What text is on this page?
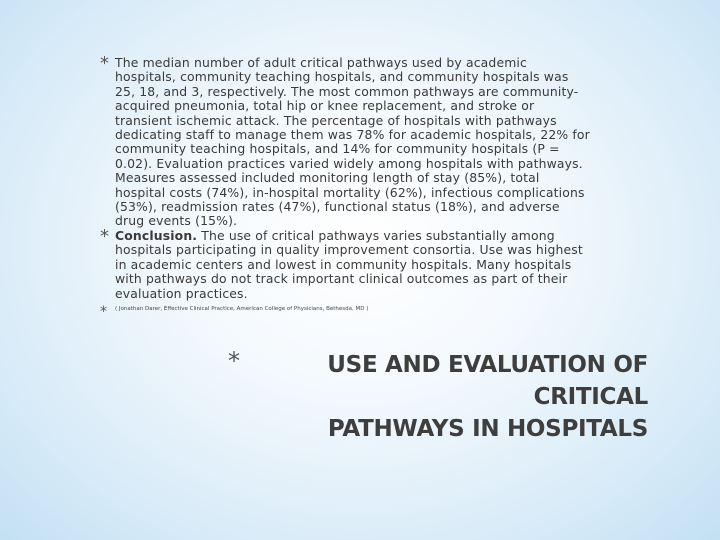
* The median number of adult critical pathways used by academic hospitals, community teaching hospitals, and community hospitals was 25, 18, and 3, respectively. The most common pathways are community-acquired pneumonia, total hip or knee replacement, and stroke or transient ischemic attack. The percentage of hospitals with pathways dedicating staff to manage them was 78% for academic hospitals, 22% for community teaching hospitals, and 14% for community hospitals (P = 0.02). Evaluation practices varied widely among hospitals with pathways. Measures assessed included monitoring length of stay (85%), total hospital costs (74%), in-hospital mortality (62%), infectious complications (53%), readmission rates (47%), functional status (18%), and adverse drug events (15%).
* Conclusion. The use of critical pathways varies substantially among hospitals participating in quality improvement consortia. Use was highest in academic centers and lowest in community hospitals. Many hospitals with pathways do not track important clinical outcomes as part of their evaluation practices.
* ( Jonathan Darer, Effective Clinical Practice, American College of Physicians, Bethesda, MD )
*	USE AND EVALUATION OF CRITICAL
PATHWAYS IN HOSPITALS
